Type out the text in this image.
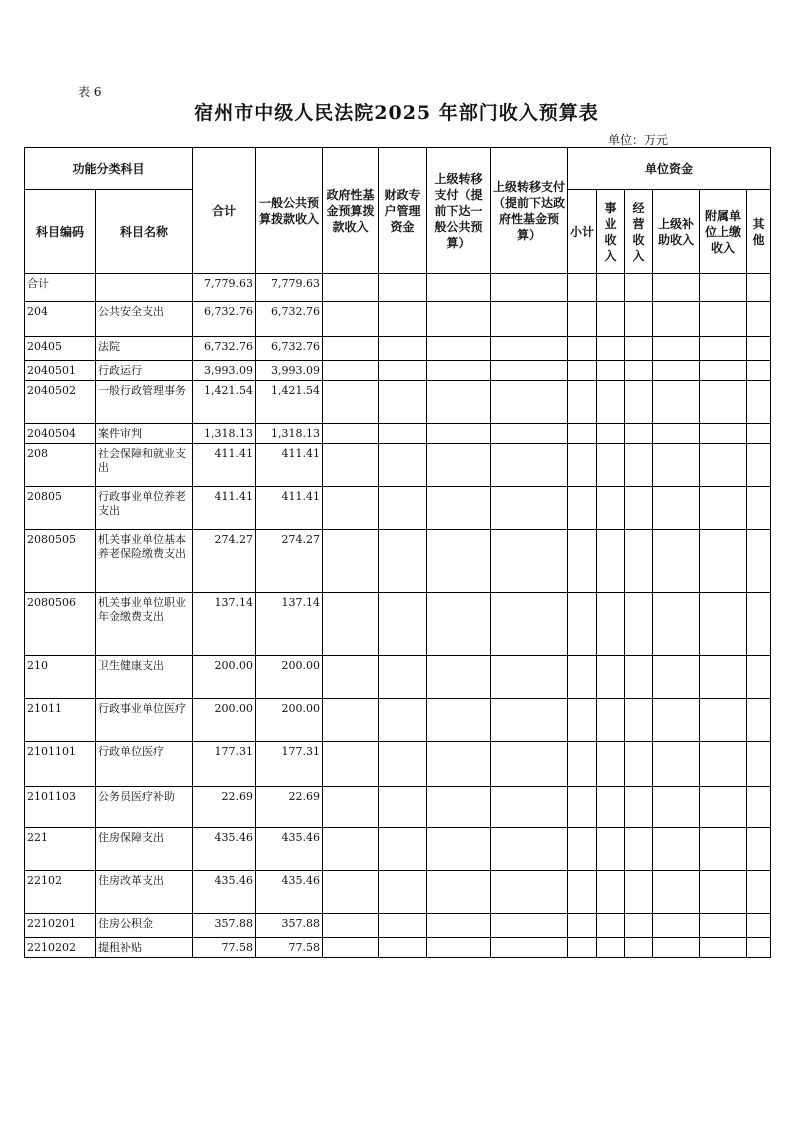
表 6
宿州市中级人民法院2025 年部门收入预算表
单位：万元
功能分类科目		合计	一般公共预算拨款收入	政府性基金预算拨款收入	财政专户管理资金	上级转移支付（提前下达一般公共预算）	上级转移支付（提前下达政府性基金预算）	单位资金					
科目编码	科目名称							小计	事业收入	经营收入	上级补助收入	附属单位上缴收入	其他
合计		7,779.63	7,779.63										
204	公共安全支出	6,732.76	6,732.76										
20405	法院	6,732.76	6,732.76										
2040501	行政运行	3,993.09	3,993.09										
2040502	一般行政管理事务	1,421.54	1,421.54										
2040504	案件审判	1,318.13	1,318.13										
208	社会保障和就业支出	411.41	411.41										
20805	行政事业单位养老支出	411.41	411.41										
2080505	机关事业单位基本养老保险缴费支出	274.27	274.27										
2080506	机关事业单位职业年金缴费支出	137.14	137.14										
210	卫生健康支出	200.00	200.00										
21011	行政事业单位医疗	200.00	200.00										
2101101	行政单位医疗	177.31	177.31										
2101103	公务员医疗补助	22.69	22.69										
221	住房保障支出	435.46	435.46										
22102	住房改革支出	435.46	435.46										
2210201	住房公积金	357.88	357.88										
2210202	提租补贴	77.58	77.58										
